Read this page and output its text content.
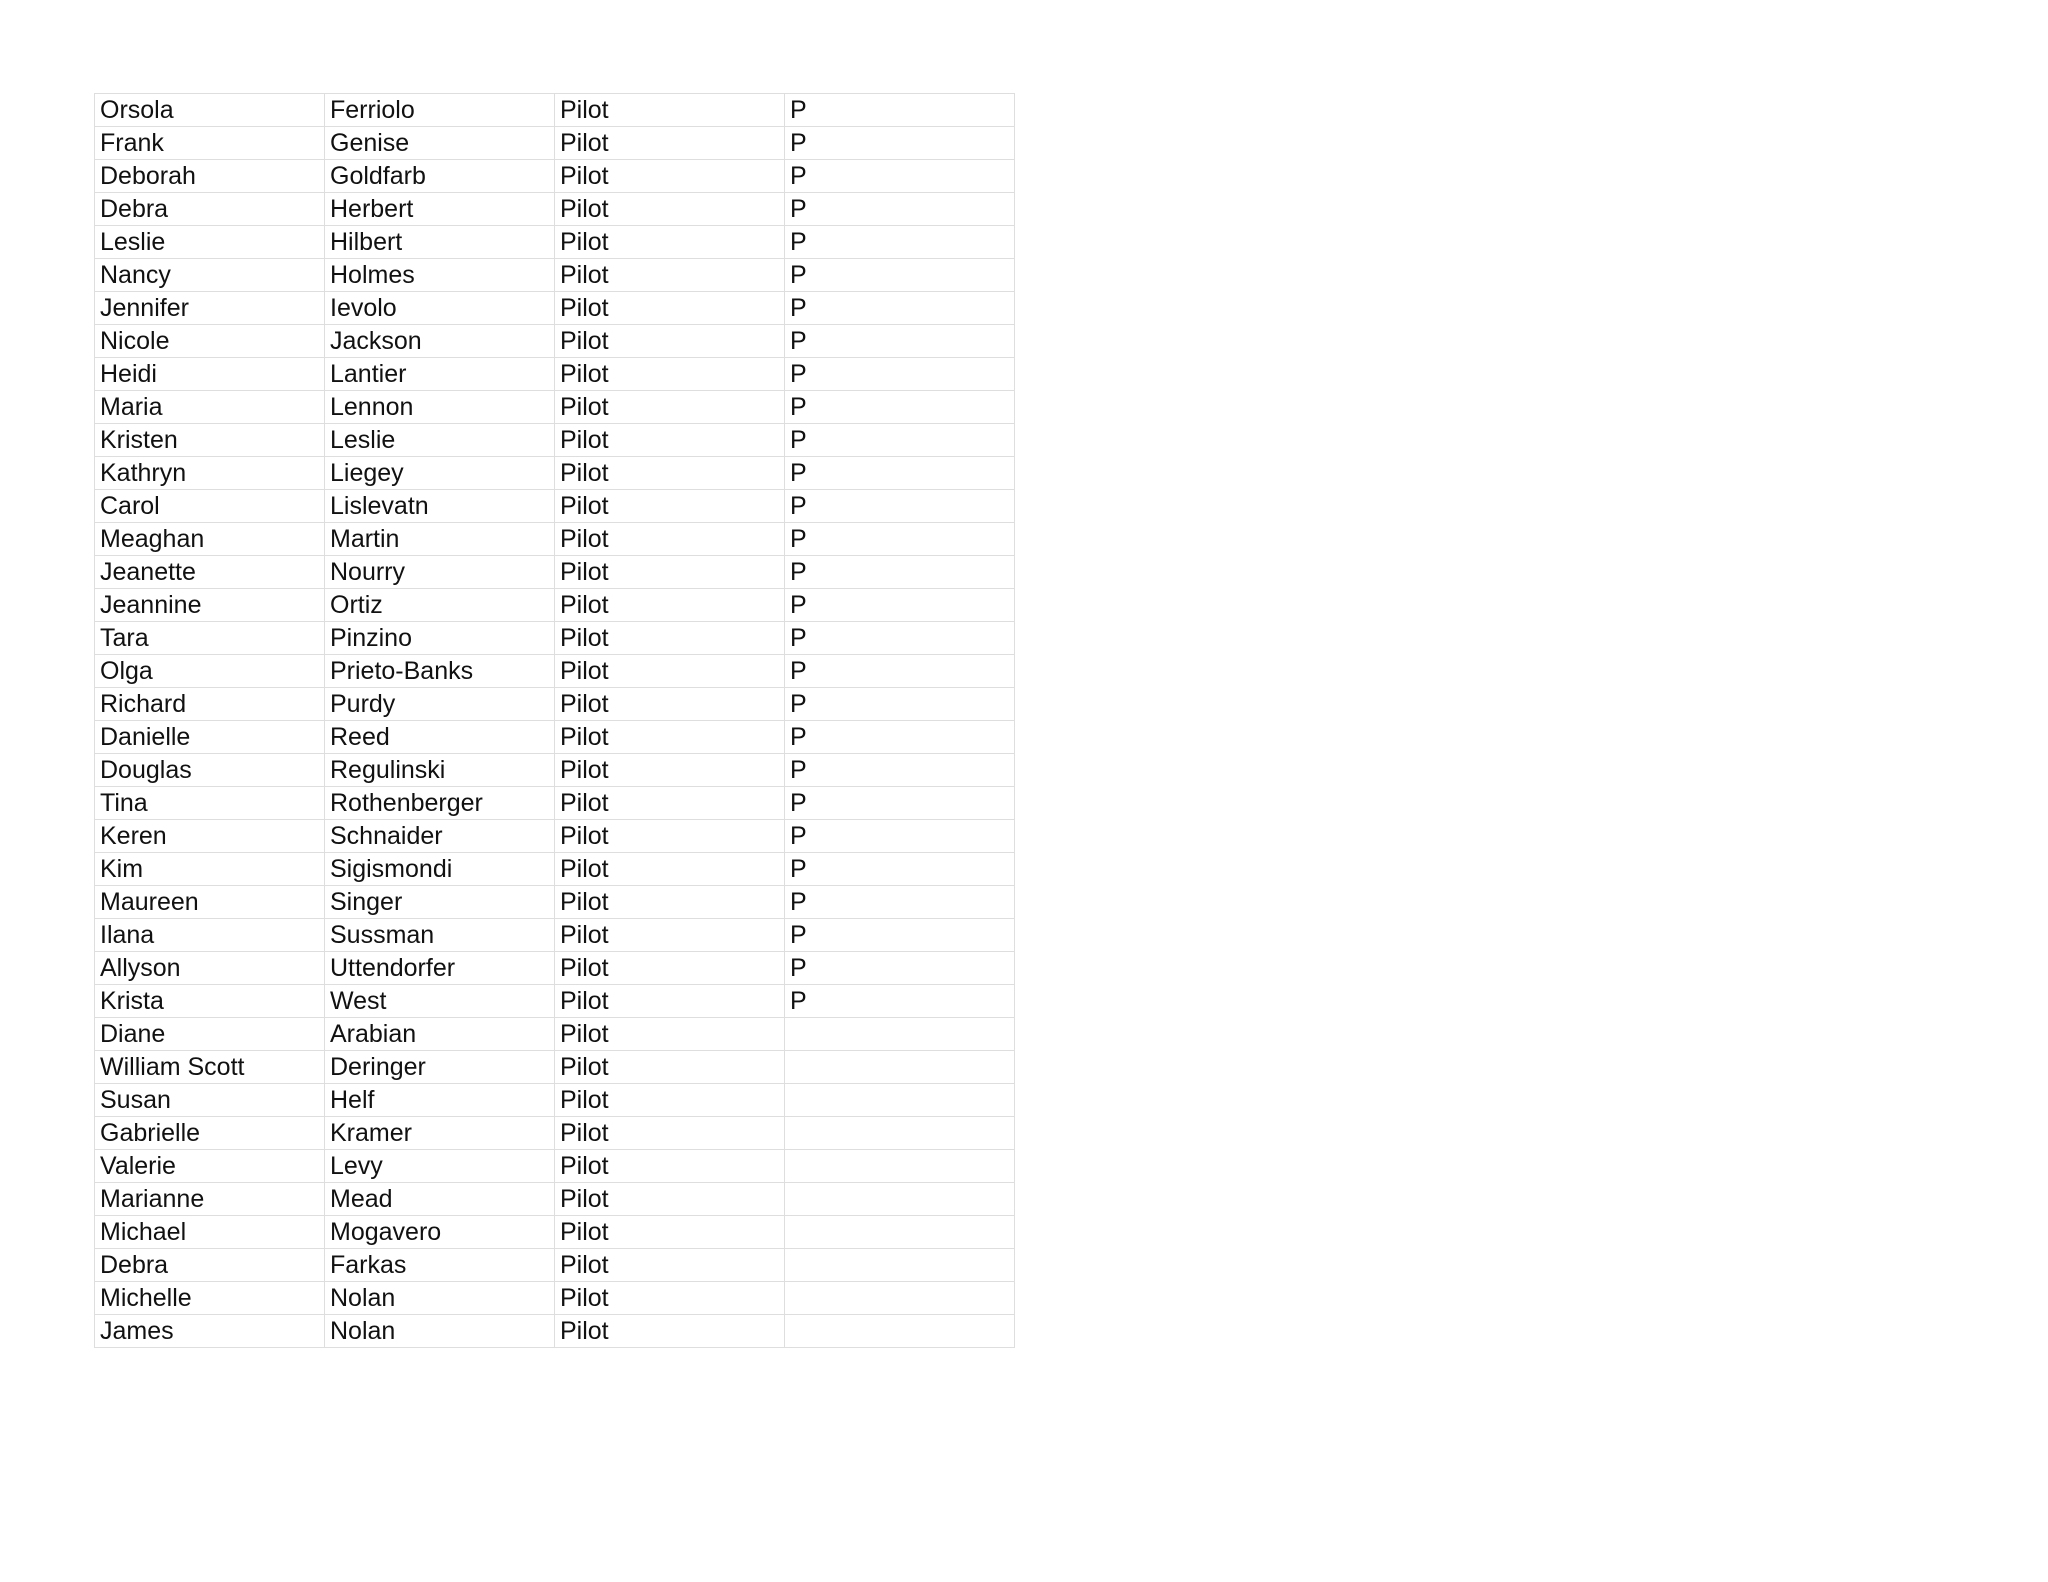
Orsola	Ferriolo	Pilot	P
Frank	Genise	Pilot	P
Deborah	Goldfarb	Pilot	P
Debra	Herbert	Pilot	P
Leslie	Hilbert	Pilot	P
Nancy	Holmes	Pilot	P
Jennifer	Ievolo	Pilot	P
Nicole	Jackson	Pilot	P
Heidi	Lantier	Pilot	P
Maria	Lennon	Pilot	P
Kristen	Leslie	Pilot	P
Kathryn	Liegey	Pilot	P
Carol	Lislevatn	Pilot	P
Meaghan	Martin	Pilot	P
Jeanette	Nourry	Pilot	P
Jeannine	Ortiz	Pilot	P
Tara	Pinzino	Pilot	P
Olga	Prieto-Banks	Pilot	P
Richard	Purdy	Pilot	P
Danielle	Reed	Pilot	P
Douglas	Regulinski	Pilot	P
Tina	Rothenberger	Pilot	P
Keren	Schnaider	Pilot	P
Kim	Sigismondi	Pilot	P
Maureen	Singer	Pilot	P
Ilana	Sussman	Pilot	P
Allyson	Uttendorfer	Pilot	P
Krista	West	Pilot	P
Diane	Arabian	Pilot	
William Scott	Deringer	Pilot	
Susan	Helf	Pilot	
Gabrielle	Kramer	Pilot	
Valerie	Levy	Pilot	
Marianne	Mead	Pilot	
Michael	Mogavero	Pilot	
Debra	Farkas	Pilot	
Michelle	Nolan	Pilot	
James	Nolan	Pilot	
